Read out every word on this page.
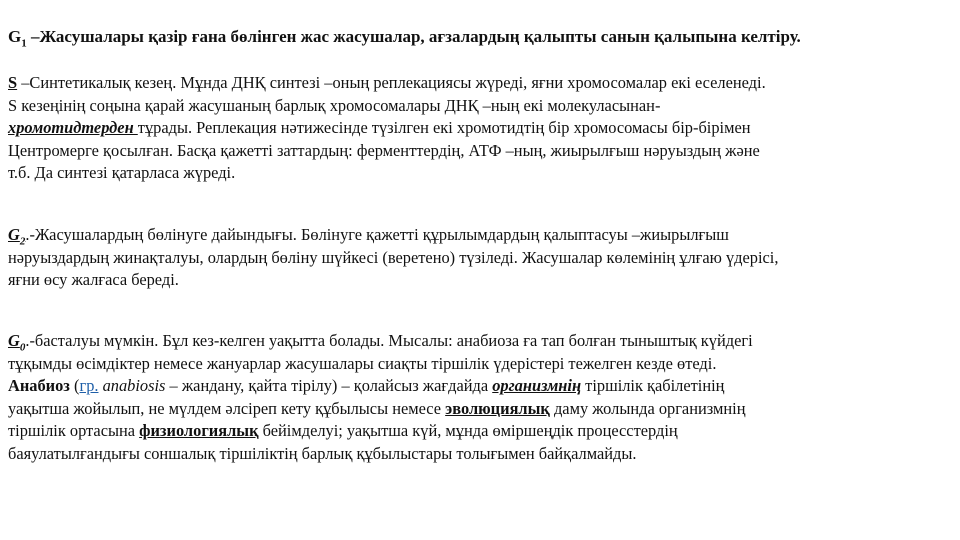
$G_1$ –Жасушалары қазір ғана бөлінген жас жасушалар, ағзалардың қалыпты санын қалыпына келтіру.
S –Синтетикалық кезең. Мұнда ДНҚ синтезі –оның реплекациясы жүреді, яғни хромосомалар екі еселенеді.
S кезеңінің соңына қарай жасушаның барлық хромосомалары ДНҚ –ның екі молекуласынан-
хромотидтерден тұрады. Реплекация нәтижесінде түзілген екі хромотидтің бір хромосомасы бір-бірімен
Центромерге қосылған. Басқа қажетті заттардың: ферменттердің, АТФ –ның, жиырылғыш нәруыздың және
т.б. Да синтезі қатарласа жүреді.
$G_2$.-Жасушалардың бөлінуге дайындығы. Бөлінуге қажетті құрылымдардың қалыптасуы –жиырылғыш
нәруыздардың жинақталуы, олардың бөліну шүйкесі (веретено) түзіледі. Жасушалар көлемінің ұлғаю үдерісі,
яғни өсу жалғаса береді.
$G_0$.-басталуы мүмкін. Бұл кез-келген уақытта болады. Мысалы: анабиоза ға тап болған тыныштық күйдегі
тұқымды өсімдіктер немесе жануарлар жасушалары сиақты тіршілік үдерістері тежелген кезде өтеді.
Анабиоз (гр. anabiosis – жандану, қайта тірілу) – қолайсыз жағдайда организмнің тіршілік қабілетінің
уақытша жойылып, не мүлдем әлсіреп кету құбылысы немесе эволюциялық даму жолында организмнің
тіршілік ортасына физиологиялық бейімделуі; уақытша күй, мұнда өміршеңдік процесстердің
баяулатылғандығы соншалық тіршіліктің барлық құбылыстары толығымен байқалмайды.
